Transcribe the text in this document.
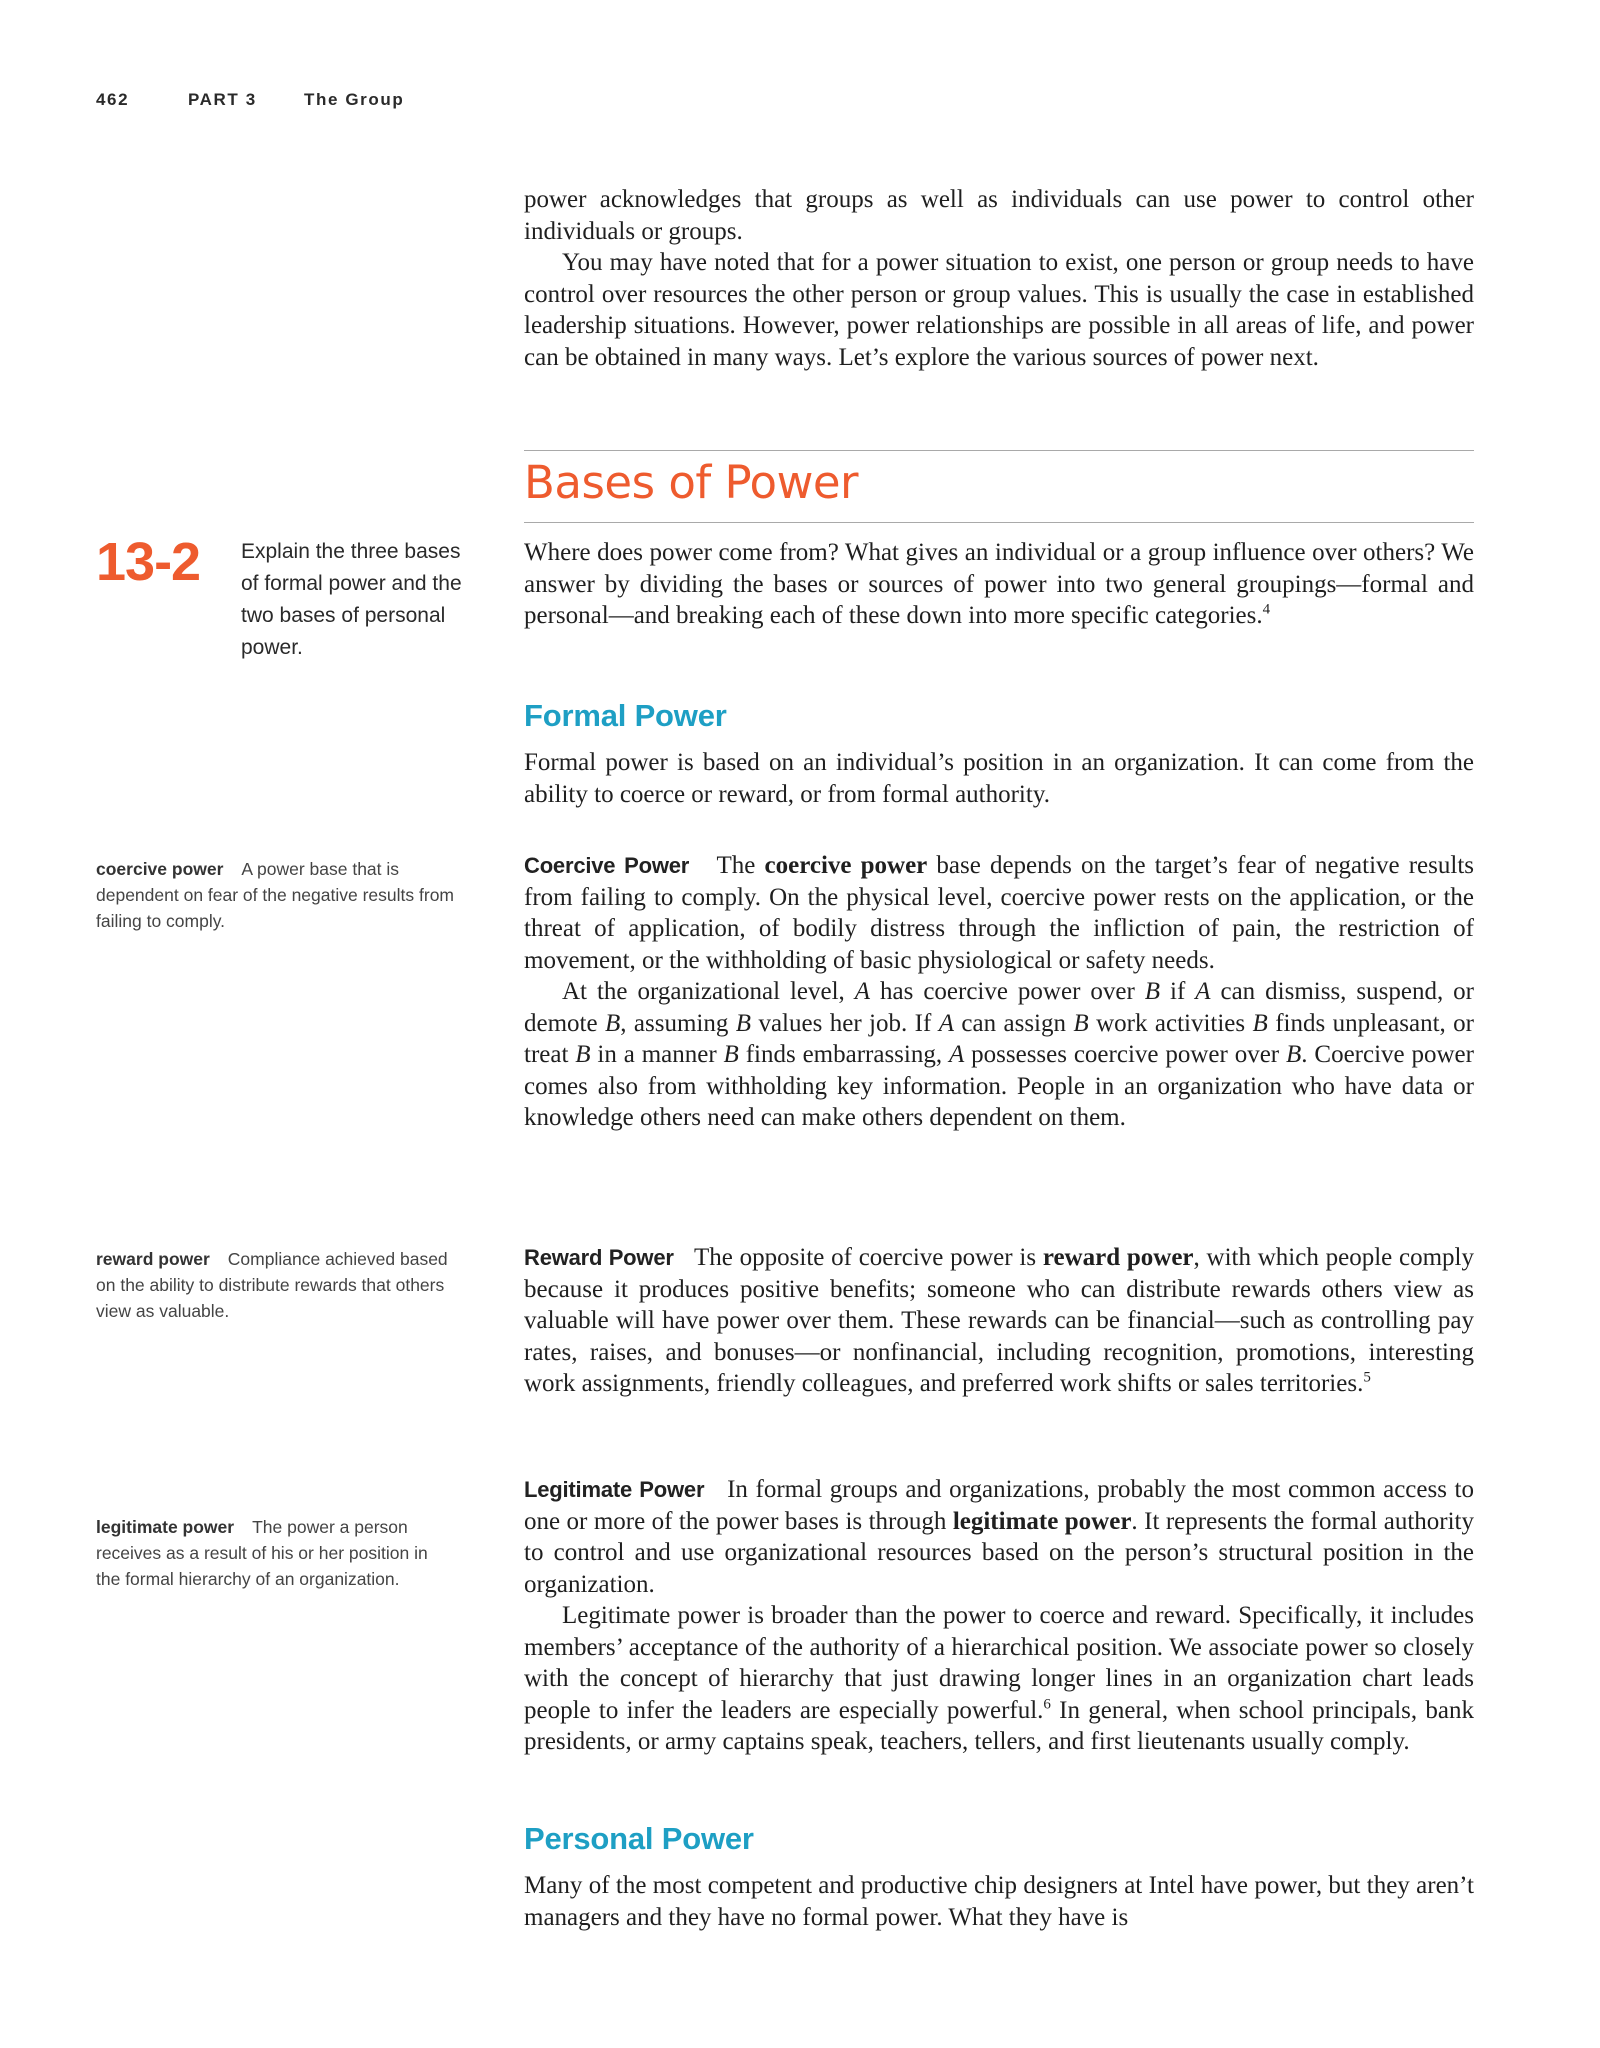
462	PART 3	The Group

power acknowledges that groups as well as individuals can use power to control other individuals or groups.

You may have noted that for a power situation to exist, one person or group needs to have control over resources the other person or group values. This is usually the case in established leadership situations. However, power relationships are possible in all areas of life, and power can be obtained in many ways. Let’s explore the various sources of power next.

Bases of Power
13-2 Explain the three bases of formal power and the two bases of personal power.

Where does power come from? What gives an individual or a group influence over others? We answer by dividing the bases or sources of power into two general groupings—formal and personal—and breaking each of these down into more specific categories.$^4$

Formal Power

Formal power is based on an individual’s position in an organization. It can come from the ability to coerce or reward, or from formal authority.

Coercive Power The coercive power base depends on the target’s fear of negative results from failing to comply. On the physical level, coercive power rests on the application, or the threat of application, of bodily distress through the infliction of pain, the restriction of movement, or the withholding of basic physiological or safety needs.

At the organizational level, A has coercive power over B if A can dismiss, suspend, or demote B, assuming B values her job. If A can assign B work activities B finds unpleasant, or treat B in a manner B finds embarrassing, A possesses coercive power over B. Coercive power comes also from withholding key information. People in an organization who have data or knowledge others need can make others dependent on them.

Reward Power The opposite of coercive power is reward power, with which people comply because it produces positive benefits; someone who can distribute rewards others view as valuable will have power over them. These rewards can be financial—such as controlling pay rates, raises, and bonuses—or nonfinancial, including recognition, promotions, interesting work assignments, friendly colleagues, and preferred work shifts or sales territories.$^5$

Legitimate Power In formal groups and organizations, probably the most common access to one or more of the power bases is through legitimate power. It represents the formal authority to control and use organizational resources based on the person’s structural position in the organization.

Legitimate power is broader than the power to coerce and reward. Specifically, it includes members’ acceptance of the authority of a hierarchical position. We associate power so closely with the concept of hierarchy that just drawing longer lines in an organization chart leads people to infer the leaders are especially powerful.$^6$ In general, when school principals, bank presidents, or army captains speak, teachers, tellers, and first lieutenants usually comply.

Personal Power

Many of the most competent and productive chip designers at Intel have power, but they aren’t managers and they have no formal power. What they have is

coercive power A power base that is dependent on fear of the negative results from failing to comply.
reward power Compliance achieved based on the ability to distribute rewards that others view as valuable.
legitimate power The power a person receives as a result of his or her position in the formal hierarchy of an organization.
